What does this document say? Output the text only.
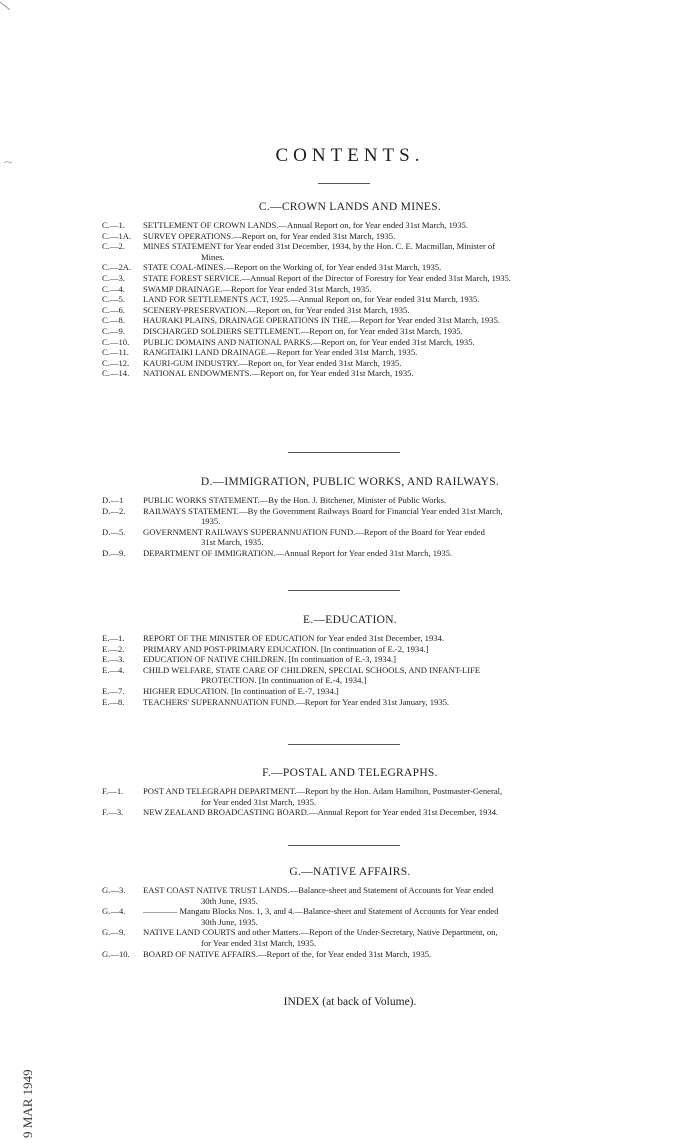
CONTENTS.
C.—CROWN LANDS AND MINES.
C.—1.	SETTLEMENT OF CROWN LANDS.—Annual Report on, for Year ended 31st March, 1935.
C.—1A.	SURVEY OPERATIONS.—Report on, for Year ended 31st March, 1935.
C.—2.	MINES STATEMENT for Year ended 31st December, 1934, by the Hon. C. E. Macmillan, Minister of
Mines.
C.—2A.	STATE COAL-MINES.—Report on the Working of, for Year ended 31st March, 1935.
C.—3.	STATE FOREST SERVICE.—Annual Report of the Director of Forestry for Year ended 31st March, 1935.
C.—4.	SWAMP DRAINAGE.—Report for Year ended 31st March, 1935.
C.—5.	LAND FOR SETTLEMENTS ACT, 1925.—Annual Report on, for Year ended 31st March, 1935.
C.—6.	SCENERY-PRESERVATION.—Report on, for Year ended 31st March, 1935.
C.—8.	HAURAKI PLAINS, DRAINAGE OPERATIONS IN THE.—Report for Year ended 31st March, 1935.
C.—9.	DISCHARGED SOLDIERS SETTLEMENT.—Report on, for Year ended 31st March, 1935.
C.—10.	PUBLIC DOMAINS AND NATIONAL PARKS.—Report on, for Year ended 31st March, 1935.
C.—11.	RANGITAIKI LAND DRAINAGE.—Report for Year ended 31st March, 1935.
C.—12.	KAURI-GUM INDUSTRY.—Report on, for Year ended 31st March, 1935.
C.—14.	NATIONAL ENDOWMENTS.—Report on, for Year ended 31st March, 1935.
D.—IMMIGRATION, PUBLIC WORKS, AND RAILWAYS.
D.—1	PUBLIC WORKS STATEMENT.—By the Hon. J. Bitchener, Minister of Public Works.
D.—2.	RAILWAYS STATEMENT.—By the Government Railways Board for Financial Year ended 31st March,
1935.
D.—5.	GOVERNMENT RAILWAYS SUPERANNUATION FUND.—Report of the Board for Year ended
31st March, 1935.
D.—9.	DEPARTMENT OF IMMIGRATION.—Annual Report for Year ended 31st March, 1935.
E.—EDUCATION.
E.—1.	REPORT OF THE MINISTER OF EDUCATION for Year ended 31st December, 1934.
E.—2.	PRIMARY AND POST-PRIMARY EDUCATION. [In continuation of E.-2, 1934.]
E.—3.	EDUCATION OF NATIVE CHILDREN. [In continuation of E.-3, 1934.]
E.—4.	CHILD WELFARE, STATE CARE OF CHILDREN, SPECIAL SCHOOLS, AND INFANT-LIFE
PROTECTION. [In continuation of E.-4, 1934.]
E.—7.	HIGHER EDUCATION. [In continuation of E.-7, 1934.]
E.—8.	TEACHERS' SUPERANNUATION FUND.—Report for Year ended 31st January, 1935.
F.—POSTAL AND TELEGRAPHS.
F.—1.	POST AND TELEGRAPH DEPARTMENT.—Report by the Hon. Adam Hamilton, Postmaster-General,
for Year ended 31st March, 1935.
F.—3.	NEW ZEALAND BROADCASTING BOARD.—Annual Report for Year ended 31st December, 1934.
G.—NATIVE AFFAIRS.
G.—3.	EAST COAST NATIVE TRUST LANDS.—Balance-sheet and Statement of Accounts for Year ended
30th June, 1935.
G.—4.	———— Mangatu Blocks Nos. 1, 3, and 4.—Balance-sheet and Statement of Accounts for Year ended
30th June, 1935.
G.—9.	NATIVE LAND COURTS and other Matters.—Report of the Under-Secretary, Native Department, on,
for Year ended 31st March, 1935.
G.—10.	BOARD OF NATIVE AFFAIRS.—Report of the, for Year ended 31st March, 1935.
INDEX (at back of Volume).
9 MAR 1949
